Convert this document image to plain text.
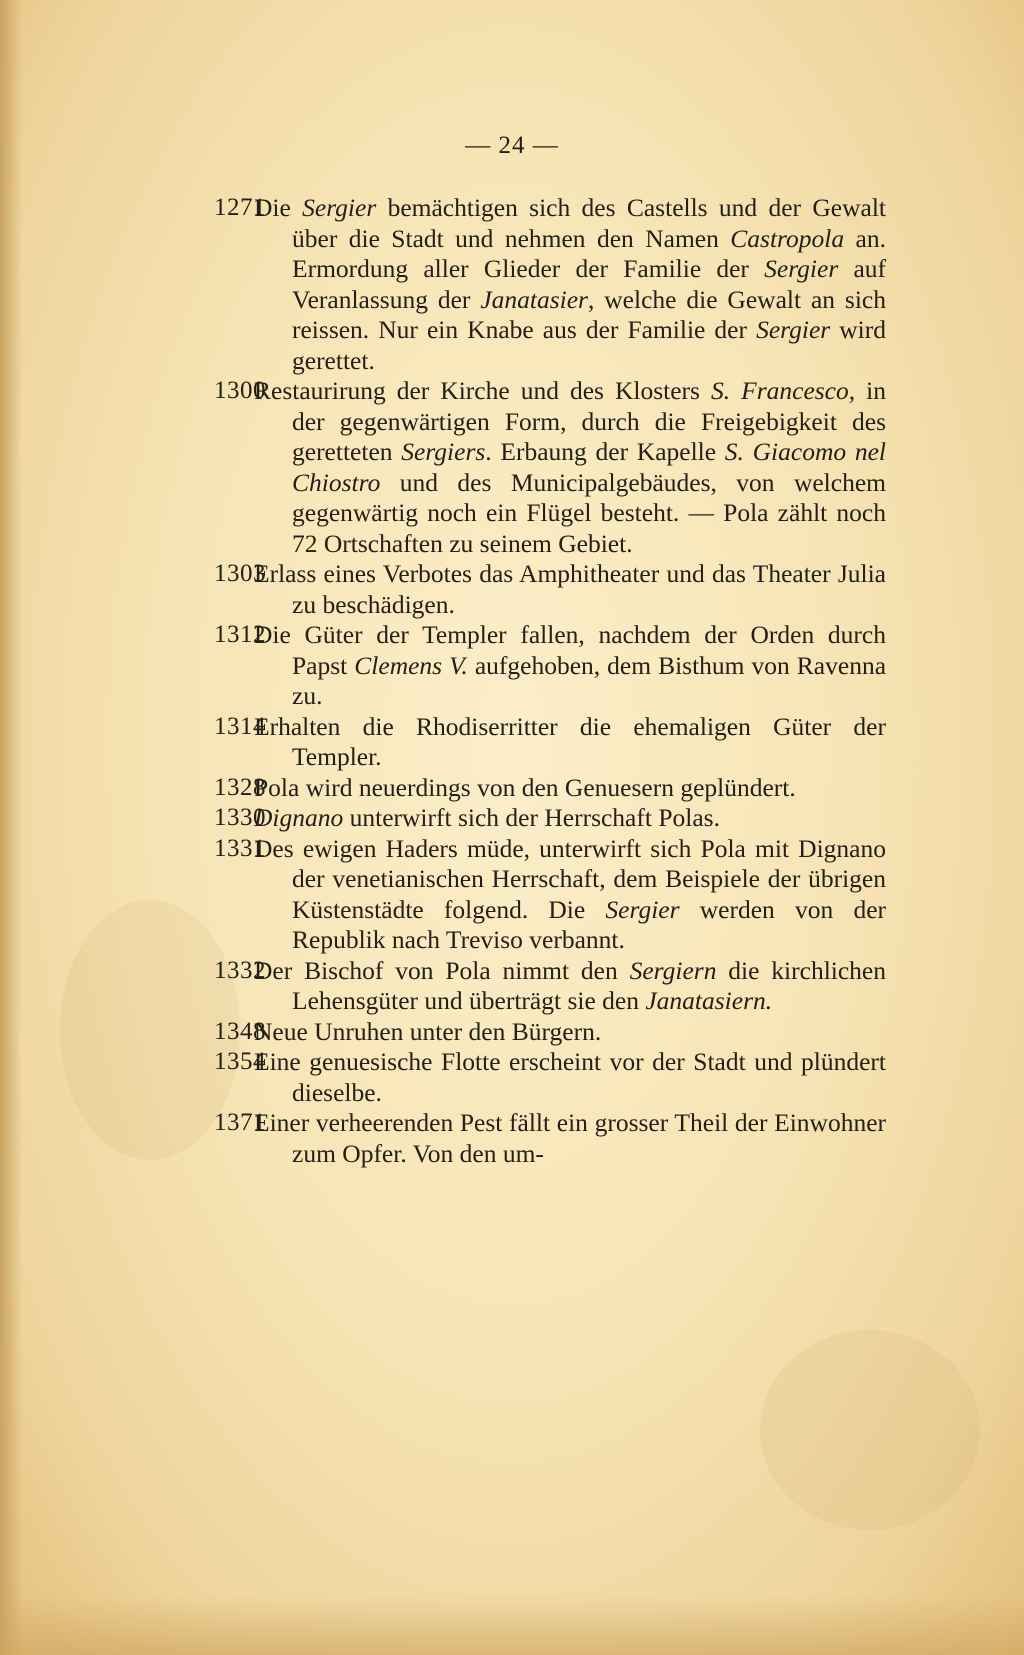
— 24 —
1271
Die Sergier bemächtigen sich des Castells und der Gewalt über die Stadt und nehmen den Namen Castropola an. Ermordung aller Glieder der Familie der Sergier auf Veranlassung der Janatasier, welche die Gewalt an sich reissen. Nur ein Knabe aus der Familie der Sergier wird gerettet.
1300
Restaurirung der Kirche und des Klosters S. Francesco, in der gegenwärtigen Form, durch die Freigebigkeit des geretteten Sergiers. Erbaung der Kapelle S. Giacomo nel Chiostro und des Municipalgebäudes, von welchem gegenwärtig noch ein Flügel besteht. — Pola zählt noch 72 Ortschaften zu seinem Gebiet.
1303
Erlass eines Verbotes das Amphitheater und das Theater Julia zu beschädigen.
1312
Die Güter der Templer fallen, nachdem der Orden durch Papst Clemens V. aufgehoben, dem Bisthum von Ravenna zu.
1314
Erhalten die Rhodiserritter die ehemaligen Güter der Templer.
1328
Pola wird neuerdings von den Genuesern geplündert.
1330
Dignano unterwirft sich der Herrschaft Polas.
1331
Des ewigen Haders müde, unterwirft sich Pola mit Dignano der venetianischen Herrschaft, dem Beispiele der übrigen Küstenstädte folgend. Die Sergier werden von der Republik nach Treviso verbannt.
1332
Der Bischof von Pola nimmt den Sergiern die kirchlichen Lehensgüter und überträgt sie den Janatasiern.
1348
Neue Unruhen unter den Bürgern.
1354
Eine genuesische Flotte erscheint vor der Stadt und plündert dieselbe.
1371
Einer verheerenden Pest fällt ein grosser Theil der Einwohner zum Opfer. Von den um-
